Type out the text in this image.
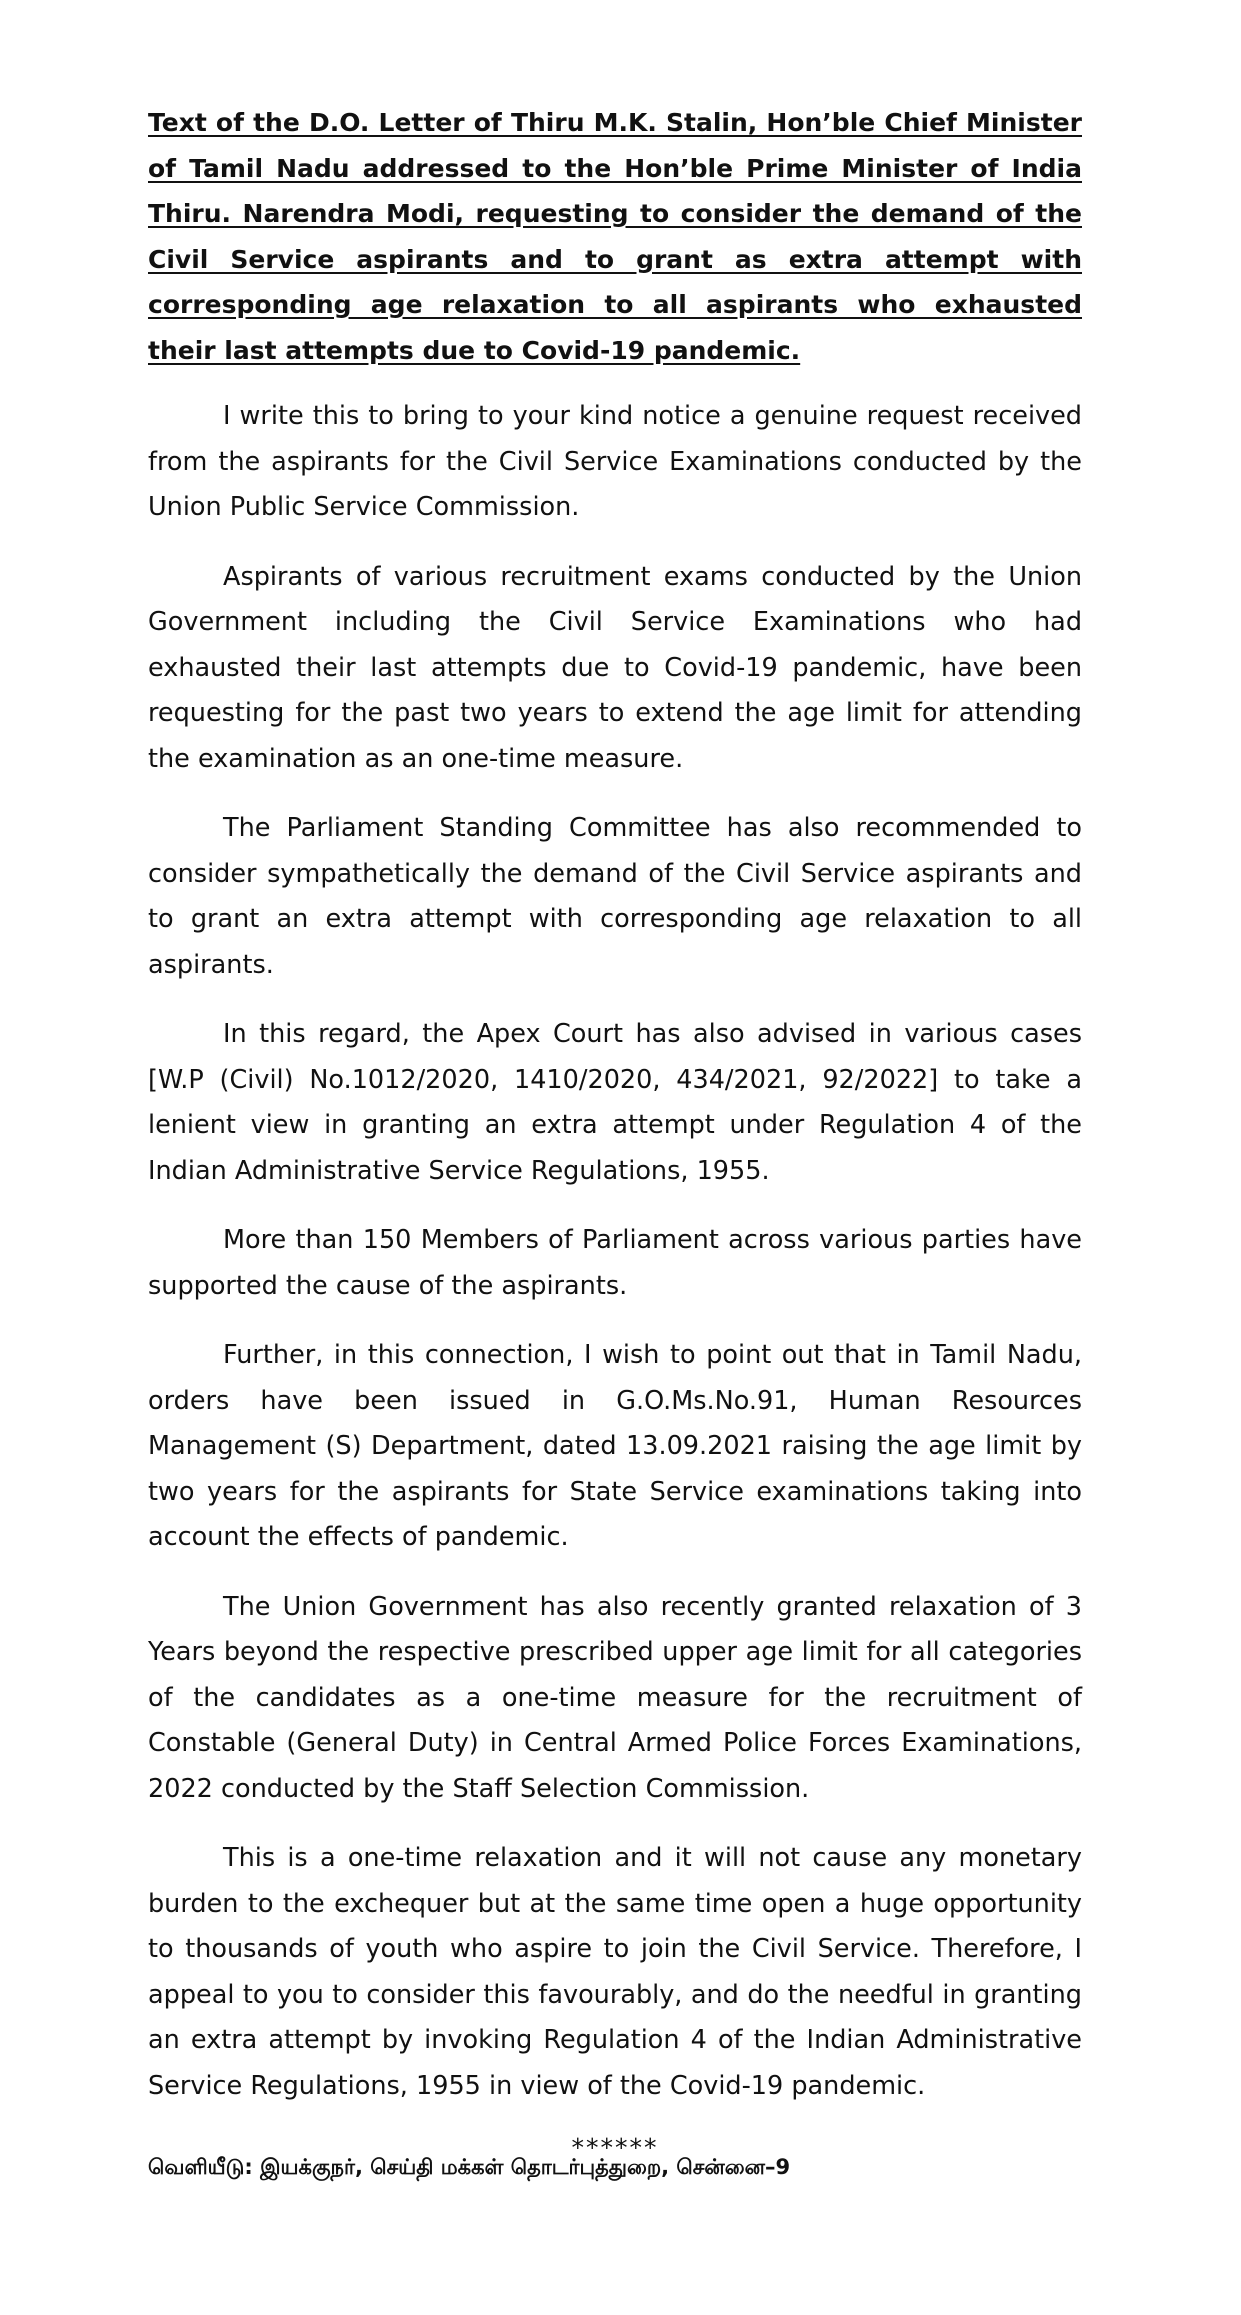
Text of the D.O. Letter of Thiru M.K. Stalin, Hon’ble Chief Minister of Tamil Nadu addressed to the Hon’ble Prime Minister of India Thiru. Narendra Modi, requesting to consider the demand of the Civil Service aspirants and to grant as extra attempt with corresponding age relaxation to all aspirants who exhausted their last attempts due to Covid-19 pandemic.

I write this to bring to your kind notice a genuine request received from the aspirants for the Civil Service Examinations conducted by the Union Public Service Commission.

Aspirants of various recruitment exams conducted by the Union Government including the Civil Service Examinations who had exhausted their last attempts due to Covid-19 pandemic, have been requesting for the past two years to extend the age limit for attending the examination as an one-time measure.

The Parliament Standing Committee has also recommended to consider sympathetically the demand of the Civil Service aspirants and to grant an extra attempt with corresponding age relaxation to all aspirants.

In this regard, the Apex Court has also advised in various cases [W.P (Civil) No.1012/2020, 1410/2020, 434/2021, 92/2022] to take a lenient view in granting an extra attempt under Regulation 4 of the Indian Administrative Service Regulations, 1955.

More than 150 Members of Parliament across various parties have supported the cause of the aspirants.

Further, in this connection, I wish to point out that in Tamil Nadu, orders have been issued in G.O.Ms.No.91, Human Resources Management (S) Department, dated 13.09.2021 raising the age limit by two years for the aspirants for State Service examinations taking into account the effects of pandemic.

The Union Government has also recently granted relaxation of 3 Years beyond the respective prescribed upper age limit for all categories of the candidates as a one-time measure for the recruitment of Constable (General Duty) in Central Armed Police Forces Examinations, 2022 conducted by the Staff Selection Commission.

This is a one-time relaxation and it will not cause any monetary burden to the exchequer but at the same time open a huge opportunity to thousands of youth who aspire to join the Civil Service. Therefore, I appeal to you to consider this favourably, and do the needful in granting an extra attempt by invoking Regulation 4 of the Indian Administrative Service Regulations, 1955 in view of the Covid-19 pandemic.

******
வெளியீடு: இயக்குநர், செய்தி மக்கள் தொடர்புத்துறை, சென்னை–9
